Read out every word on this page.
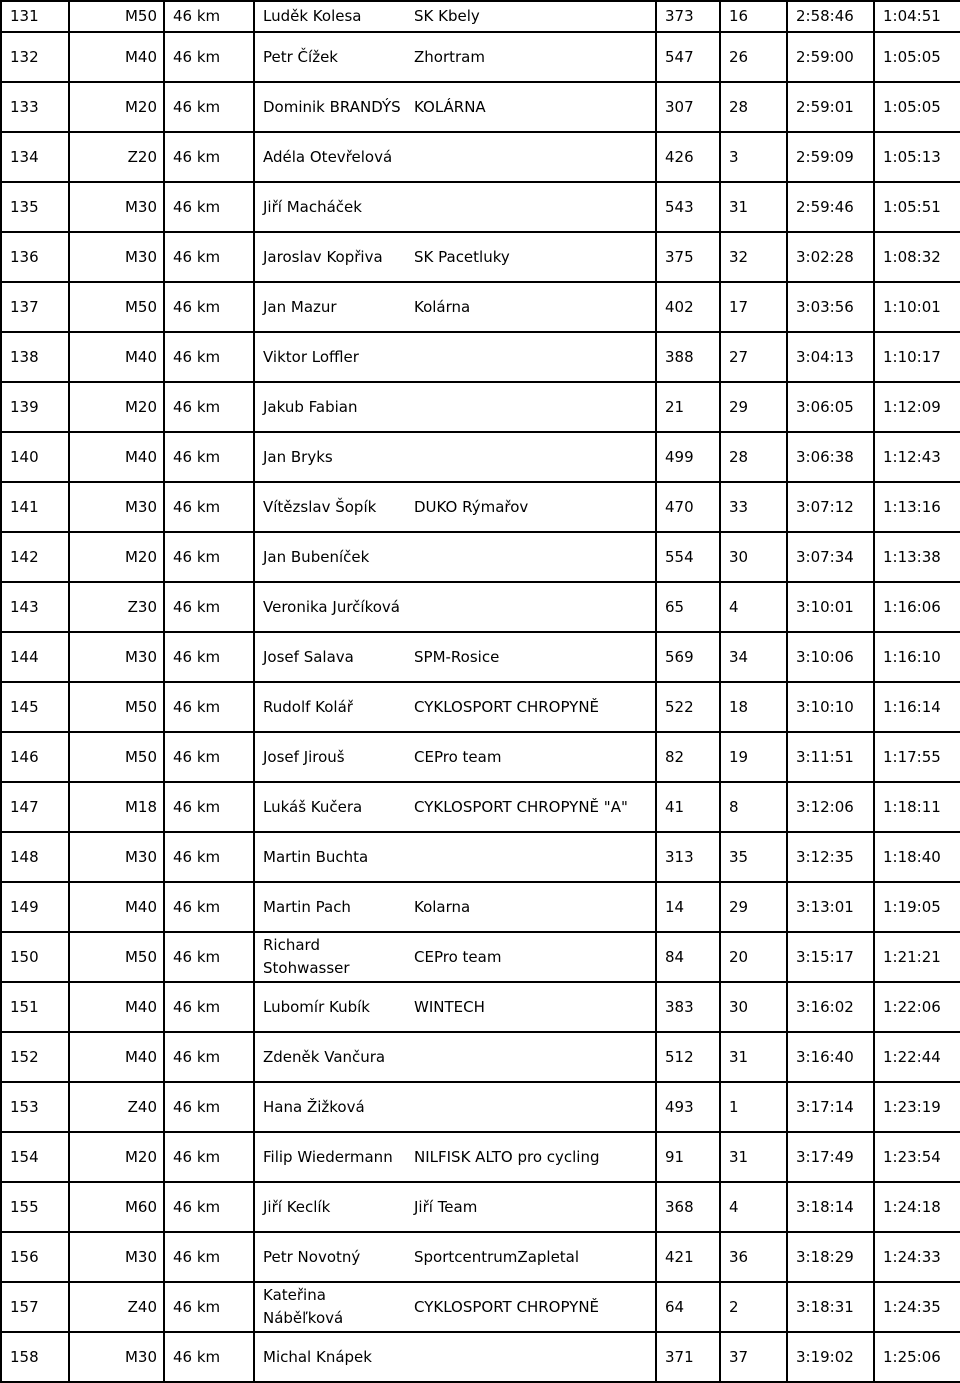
131	M50	46 km	Luděk Kolesa	SK Kbely	373	16	2:58:46	1:04:51
132	M40	46 km	Petr Čížek	Zhortram	547	26	2:59:00	1:05:05
133	M20	46 km	Dominik BRANDÝS	KOLÁRNA	307	28	2:59:01	1:05:05
134	Z20	46 km	Adéla Otevřelová		426	3	2:59:09	1:05:13
135	M30	46 km	Jiří Macháček		543	31	2:59:46	1:05:51
136	M30	46 km	Jaroslav Kopřiva	SK Pacetluky	375	32	3:02:28	1:08:32
137	M50	46 km	Jan Mazur	Kolárna	402	17	3:03:56	1:10:01
138	M40	46 km	Viktor Loffler		388	27	3:04:13	1:10:17
139	M20	46 km	Jakub Fabian		21	29	3:06:05	1:12:09
140	M40	46 km	Jan Bryks		499	28	3:06:38	1:12:43
141	M30	46 km	Vítězslav Šopík	DUKO Rýmařov	470	33	3:07:12	1:13:16
142	M20	46 km	Jan Bubeníček		554	30	3:07:34	1:13:38
143	Z30	46 km	Veronika Jurčíková		65	4	3:10:01	1:16:06
144	M30	46 km	Josef Salava	SPM-Rosice	569	34	3:10:06	1:16:10
145	M50	46 km	Rudolf Kolář	CYKLOSPORT CHROPYNĚ	522	18	3:10:10	1:16:14
146	M50	46 km	Josef Jirouš	CEPro team	82	19	3:11:51	1:17:55
147	M18	46 km	Lukáš Kučera	CYKLOSPORT CHROPYNĚ "A"	41	8	3:12:06	1:18:11
148	M30	46 km	Martin Buchta		313	35	3:12:35	1:18:40
149	M40	46 km	Martin Pach	Kolarna	14	29	3:13:01	1:19:05
150	M50	46 km	Richard Stohwasser	CEPro team	84	20	3:15:17	1:21:21
151	M40	46 km	Lubomír Kubík	WINTECH	383	30	3:16:02	1:22:06
152	M40	46 km	Zdeněk Vančura		512	31	3:16:40	1:22:44
153	Z40	46 km	Hana Žižková		493	1	3:17:14	1:23:19
154	M20	46 km	Filip Wiedermann	NILFISK ALTO pro cycling	91	31	3:17:49	1:23:54
155	M60	46 km	Jiří Keclík	Jiří Team	368	4	3:18:14	1:24:18
156	M30	46 km	Petr Novotný	SportcentrumZapletal	421	36	3:18:29	1:24:33
157	Z40	46 km	Kateřina Náběľková	CYKLOSPORT CHROPYNĚ	64	2	3:18:31	1:24:35
158	M30	46 km	Michal Knápek		371	37	3:19:02	1:25:06
